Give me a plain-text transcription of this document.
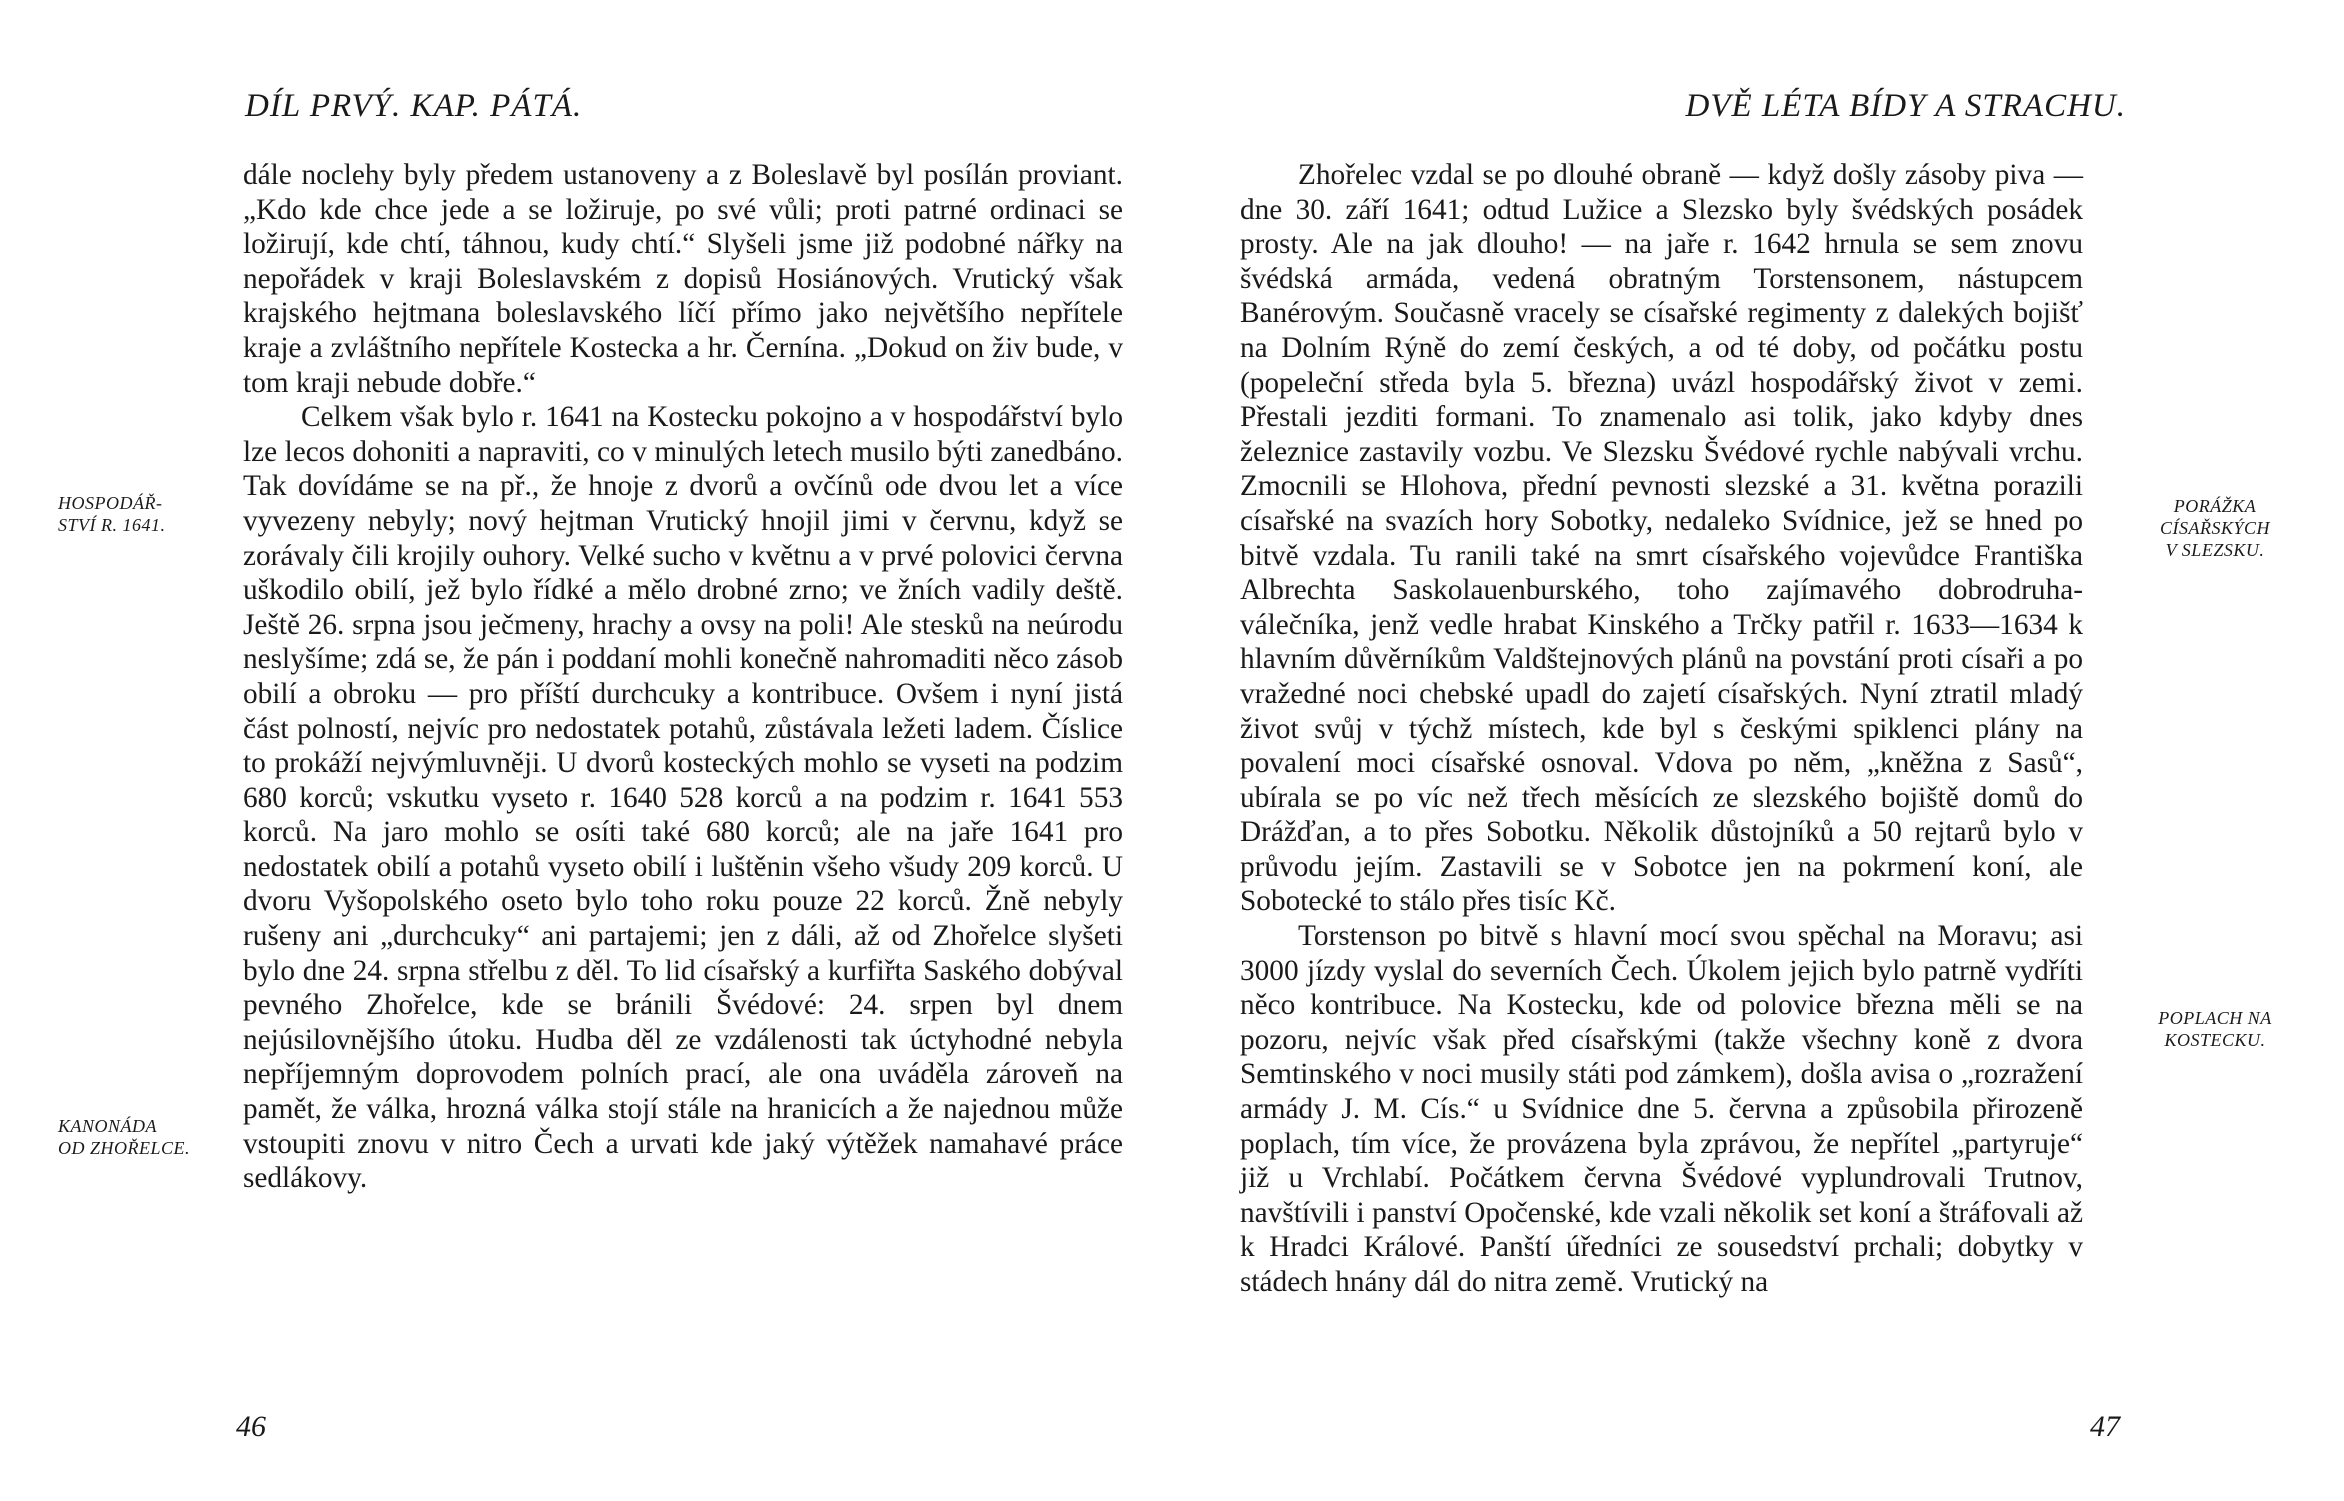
DÍL PRVÝ. KAP. PÁTÁ.

dále noclehy byly předem ustanoveny a z Boleslavě byl posílán proviant. „Kdo kde chce jede a se ložiruje, po své vůli; proti patrné ordinaci se ložirují, kde chtí, táhnou, kudy chtí.“ Slyšeli jsme již podobné nářky na nepořádek v kraji Boleslavském z dopisů Hosiánových. Vrutický však krajského hejtmana boleslavského líčí přímo jako největšího nepřítele kraje a zvláštního nepřítele Kostecka a hr. Černína. „Dokud on živ bude, v tom kraji nebude dobře.“

Celkem však bylo r. 1641 na Kostecku pokojno a v hospodářství bylo lze lecos dohoniti a napraviti, co v minulých letech musilo býti zanedbáno. Tak dovídáme se na př., že hnoje z dvorů a ovčínů ode dvou let a více vyvezeny nebyly; nový hejtman Vrutický hnojil jimi v červnu, když se zorávaly čili krojily ouhory. Velké sucho v květnu a v prvé polovici června uškodilo obilí, jež bylo řídké a mělo drobné zrno; ve žních vadily deště. Ještě 26. srpna jsou ječmeny, hrachy a ovsy na poli! Ale stesků na neúrodu neslyšíme; zdá se, že pán i poddaní mohli konečně nahromaditi něco zásob obilí a obroku — pro příští durchcuky a kontribuce. Ovšem i nyní jistá část polností, nejvíc pro nedostatek potahů, zůstávala ležeti ladem. Číslice to prokáží nejvýmluvněji. U dvorů kosteckých mohlo se vyseti na podzim 680 korců; vskutku vyseto r. 1640 528 korců a na podzim r. 1641 553 korců. Na jaro mohlo se osíti také 680 korců; ale na jaře 1641 pro nedostatek obilí a potahů vyseto obilí i luštěnin všeho všudy 209 korců. U dvoru Vyšopolského oseto bylo toho roku pouze 22 korců. Žně nebyly rušeny ani „durchcuky“ ani partajemi; jen z dáli, až od Zhořelce slyšeti bylo dne 24. srpna střelbu z děl. To lid císařský a kurfiřta Saského dobýval pevného Zhořelce, kde se bránili Švédové: 24. srpen byl dnem nejúsilovnějšího útoku. Hudba děl ze vzdálenosti tak úctyhodné nebyla nepříjemným doprovodem polních prací, ale ona uváděla zároveň na pamět, že válka, hrozná válka stojí stále na hranicích a že najednou může vstoupiti znovu v nitro Čech a urvati kde jaký výtěžek namahavé práce sedlákovy.

HOSPODÁŘ-
STVÍ R. 1641.
KANONÁDA
OD ZHOŘELCE.
46
DVĚ LÉTA BÍDY A STRACHU.

Zhořelec vzdal se po dlouhé obraně — když došly zásoby piva — dne 30. září 1641; odtud Lužice a Slezsko byly švédských posádek prosty. Ale na jak dlouho! — na jaře r. 1642 hrnula se sem znovu švédská armáda, vedená obratným Torstensonem, nástupcem Banérovým. Současně vracely se císařské regimenty z dalekých bojišť na Dolním Rýně do zemí českých, a od té doby, od počátku postu (popeleční středa byla 5. března) uvázl hospodářský život v zemi. Přestali jezditi formani. To znamenalo asi tolik, jako kdyby dnes železnice zastavily vozbu. Ve Slezsku Švédové rychle nabývali vrchu. Zmocnili se Hlohova, přední pevnosti slezské a 31. května porazili císařské na svazích hory Sobotky, nedaleko Svídnice, jež se hned po bitvě vzdala. Tu ranili také na smrt císařského vojevůdce Františka Albrechta Saskolauenburského, toho zajímavého dobrodruha-válečníka, jenž vedle hrabat Kinského a Trčky patřil r. 1633—1634 k hlavním důvěrníkům Valdštejnových plánů na povstání proti císaři a po vražedné noci chebské upadl do zajetí císařských. Nyní ztratil mladý život svůj v týchž místech, kde byl s českými spiklenci plány na povalení moci císařské osnoval. Vdova po něm, „kněžna z Sasů“, ubírala se po víc než třech měsících ze slezského bojiště domů do Drážďan, a to přes Sobotku. Několik důstojníků a 50 rejtarů bylo v průvodu jejím. Zastavili se v Sobotce jen na pokrmení koní, ale Sobotecké to stálo přes tisíc Kč.

Torstenson po bitvě s hlavní mocí svou spěchal na Moravu; asi 3000 jízdy vyslal do severních Čech. Úkolem jejich bylo patrně vydříti něco kontribuce. Na Kostecku, kde od polovice března měli se na pozoru, nejvíc však před císařskými (takže všechny koně z dvora Semtinského v noci musily státi pod zámkem), došla avisa o „rozražení armády J. M. Cís.“ u Svídnice dne 5. června a způsobila přirozeně poplach, tím více, že provázena byla zprávou, že nepřítel „partyruje“ již u Vrchlabí. Počátkem června Švédové vyplundrovali Trutnov, navštívili i panství Opočenské, kde vzali několik set koní a štráfovali až k Hradci Králové. Panští úředníci ze sousedství prchali; dobytky v stádech hnány dál do nitra země. Vrutický na

PORÁŽKA
CÍSAŘSKÝCH
V SLEZSKU.
POPLACH NA
KOSTECKU.
47
